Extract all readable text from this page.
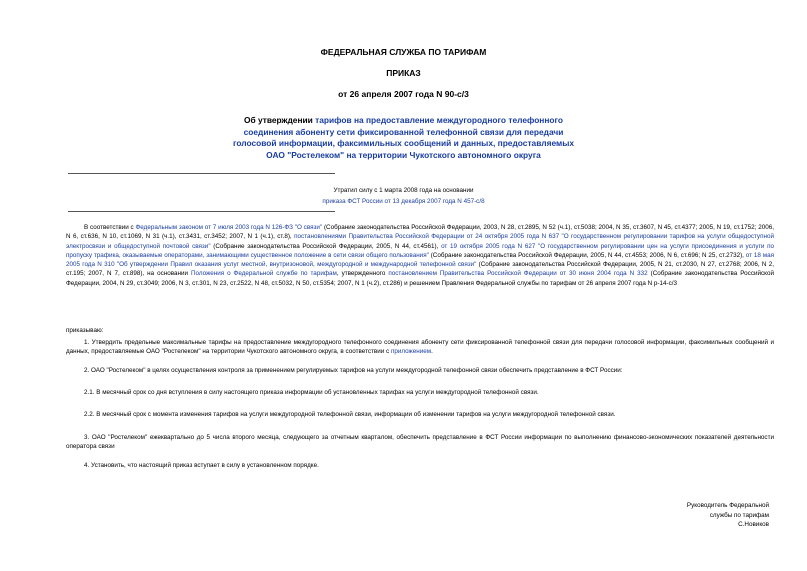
ФЕДЕРАЛЬНАЯ СЛУЖБА ПО ТАРИФАМ
ПРИКАЗ
от 26 апреля 2007 года N 90-с/3
Об утверждении тарифов на предоставление междугородного телефонного соединения абоненту сети фиксированной телефонной связи для передачи голосовой информации, факсимильных сообщений и данных, предоставляемых ОАО "Ростелеком" на территории Чукотского автономного округа
Утратил силу с 1 марта 2008 года на основании
приказа ФСТ России от 13 декабря 2007 года N 457-с/8
В соответствии с Федеральным законом от 7 июля 2003 года N 126-ФЗ "О связи" (Собрание законодательства Российской Федерации, 2003, N 28, ст.2895, N 52 (ч.1), ст.5038; 2004, N 35, ст.3607, N 45, ст.4377; 2005, N 19, ст.1752; 2006, N 6, ст.636, N 10, ст.1069, N 31 (ч.1), ст.3431, ст.3452; 2007, N 1 (ч.1), ст.8), постановлениями Правительства Российской Федерации от 24 октября 2005 года N 637 "О государственном регулировании тарифов на услуги общедоступной электросвязи и общедоступной почтовой связи" (Собрание законодательства Российской Федерации, 2005, N 44, ст.4561), от 19 октября 2005 года N 627 "О государственном регулировании цен на услуги присоединения и услуги по пропуску трафика, оказываемые операторами, занимающими существенное положение в сети связи общего пользования" (Собрание законодательства Российской Федерации, 2005, N 44, ст.4553; 2006, N 6, ст.696; N 25, ст.2732), от 18 мая 2005 года N 310 "Об утверждении Правил оказания услуг местной, внутризоновой, междугородной и международной телефонной связи" (Собрание законодательства Российской Федерации, 2005, N 21, ст.2030, N 27, ст.2768; 2006, N 2, ст.195; 2007, N 7, ст.898), на основании Положения о Федеральной службе по тарифам, утвержденного постановлением Правительства Российской Федерации от 30 июня 2004 года N 332 (Собрание законодательства Российской Федерации, 2004, N 29, ст.3049; 2006, N 3, ст.301, N 23, ст.2522, N 48, ст.5032, N 50, ст.5354; 2007, N 1 (ч.2), ст.286) и решением Правления Федеральной службы по тарифам от 26 апреля 2007 года N p-14-c/3
приказываю:
1. Утвердить предельные максимальные тарифы на предоставление междугородного телефонного соединения абоненту сети фиксированной телефонной связи для передачи голосовой информации, факсимильных сообщений и данных, предоставляемые ОАО "Ростелеком" на территории Чукотского автономного округа, в соответствии с приложением.
2. ОАО "Ростелеком" в целях осуществления контроля за применением регулируемых тарифов на услуги междугородной телефонной связи обеспечить представление в ФСТ России:
2.1. В месячный срок со дня вступления в силу настоящего приказа информации об установленных тарифах на услуги междугородной телефонной связи.
2.2. В месячный срок с момента изменения тарифов на услуги междугородной телефонной связи, информации об изменении тарифов на услуги междугородной телефонной связи.
3. ОАО "Ростелеком" ежеквартально до 5 числа второго месяца, следующего за отчетным кварталом, обеспечить представление в ФСТ России информации по выполнению финансово-экономических показателей деятельности оператора связи
4. Установить, что настоящий приказ вступает в силу в установленном порядке.
Руководитель Федеральной
службы по тарифам
С.Новиков
